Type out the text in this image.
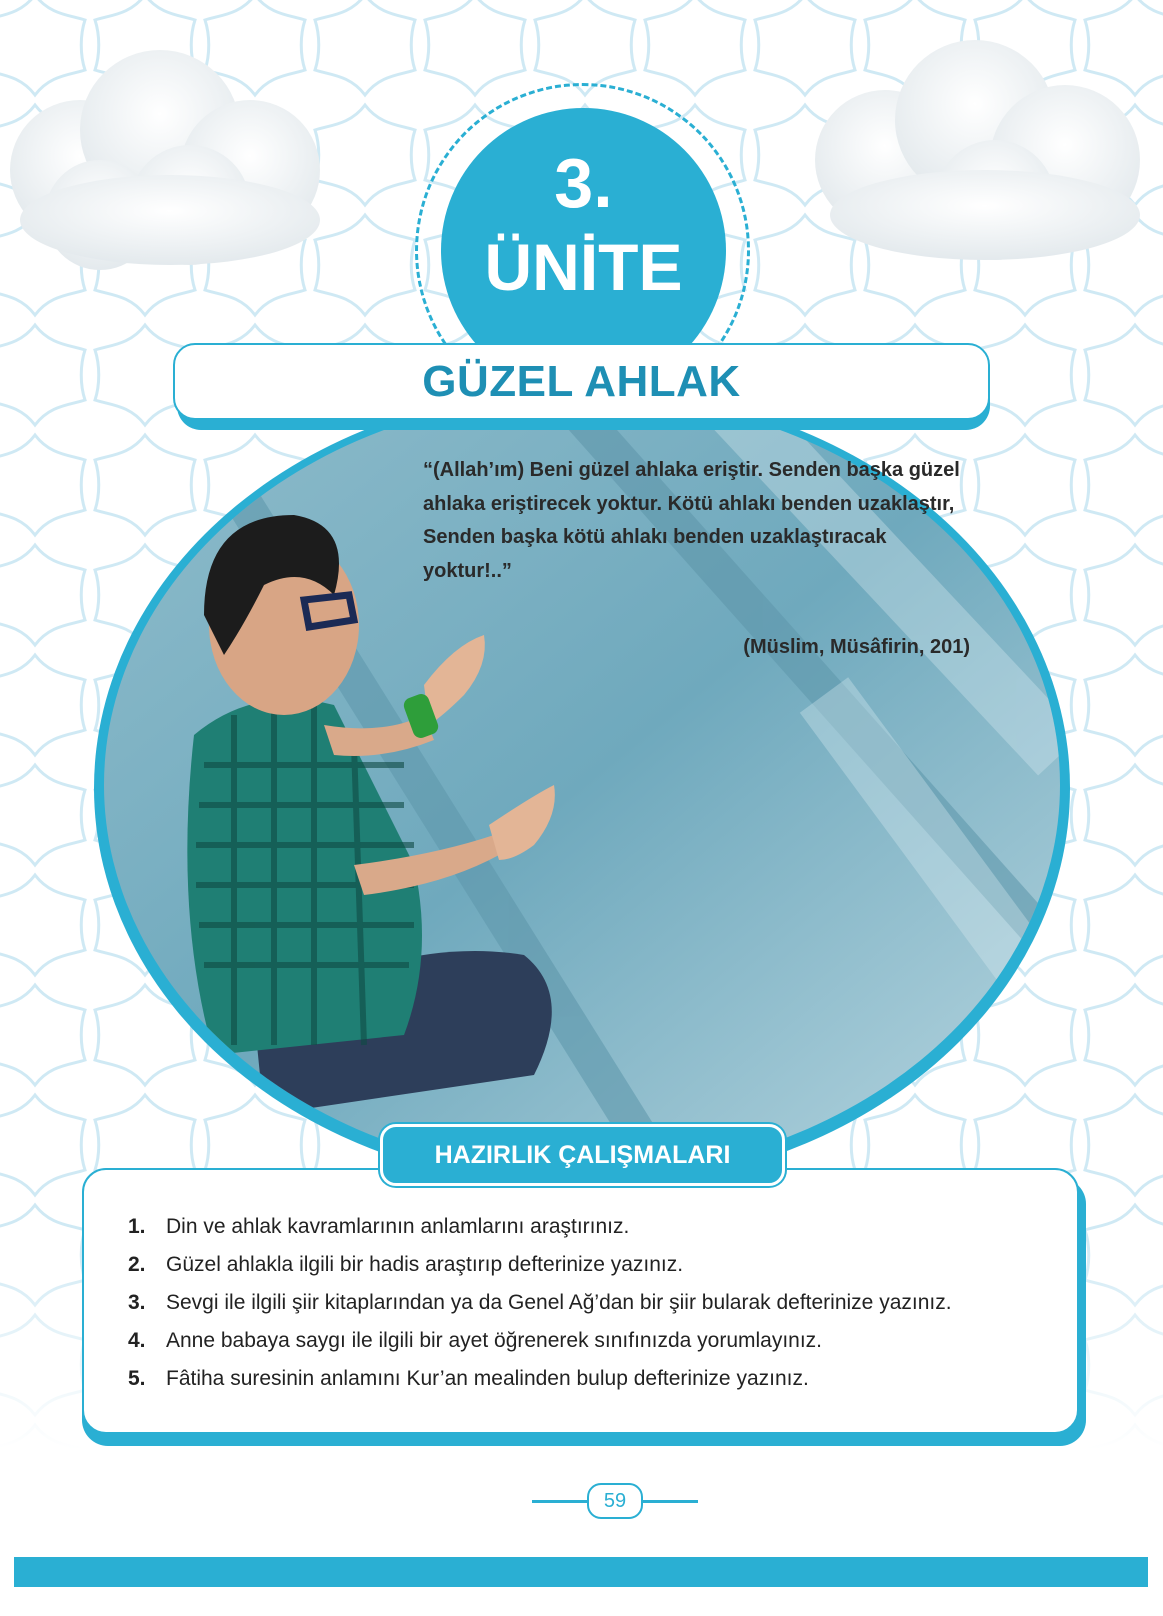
3.
ÜNİTE
GÜZEL AHLAK
“(Allah’ım) Beni güzel ahlaka eriştir. Senden başka güzel ahlaka eriştirecek yoktur. Kötü ahlakı benden uzaklaştır, Senden başka kötü ahlakı benden uzaklaştıracak yoktur!..”
(Müslim, Müsâfirin, 201)
1. Din ve ahlak kavramlarının anlamlarını araştırınız.
2. Güzel ahlakla ilgili bir hadis araştırıp defterinize yazınız.
3. Sevgi ile ilgili şiir kitaplarından ya da Genel Ağ’dan bir şiir bularak defterinize yazınız.
4. Anne babaya saygı ile ilgili bir ayet öğrenerek sınıfınızda yorumlayınız.
5. Fâtiha suresinin anlamını Kur’an mealinden bulup defterinize yazınız.
HAZIRLIK ÇALIŞMALARI
59
